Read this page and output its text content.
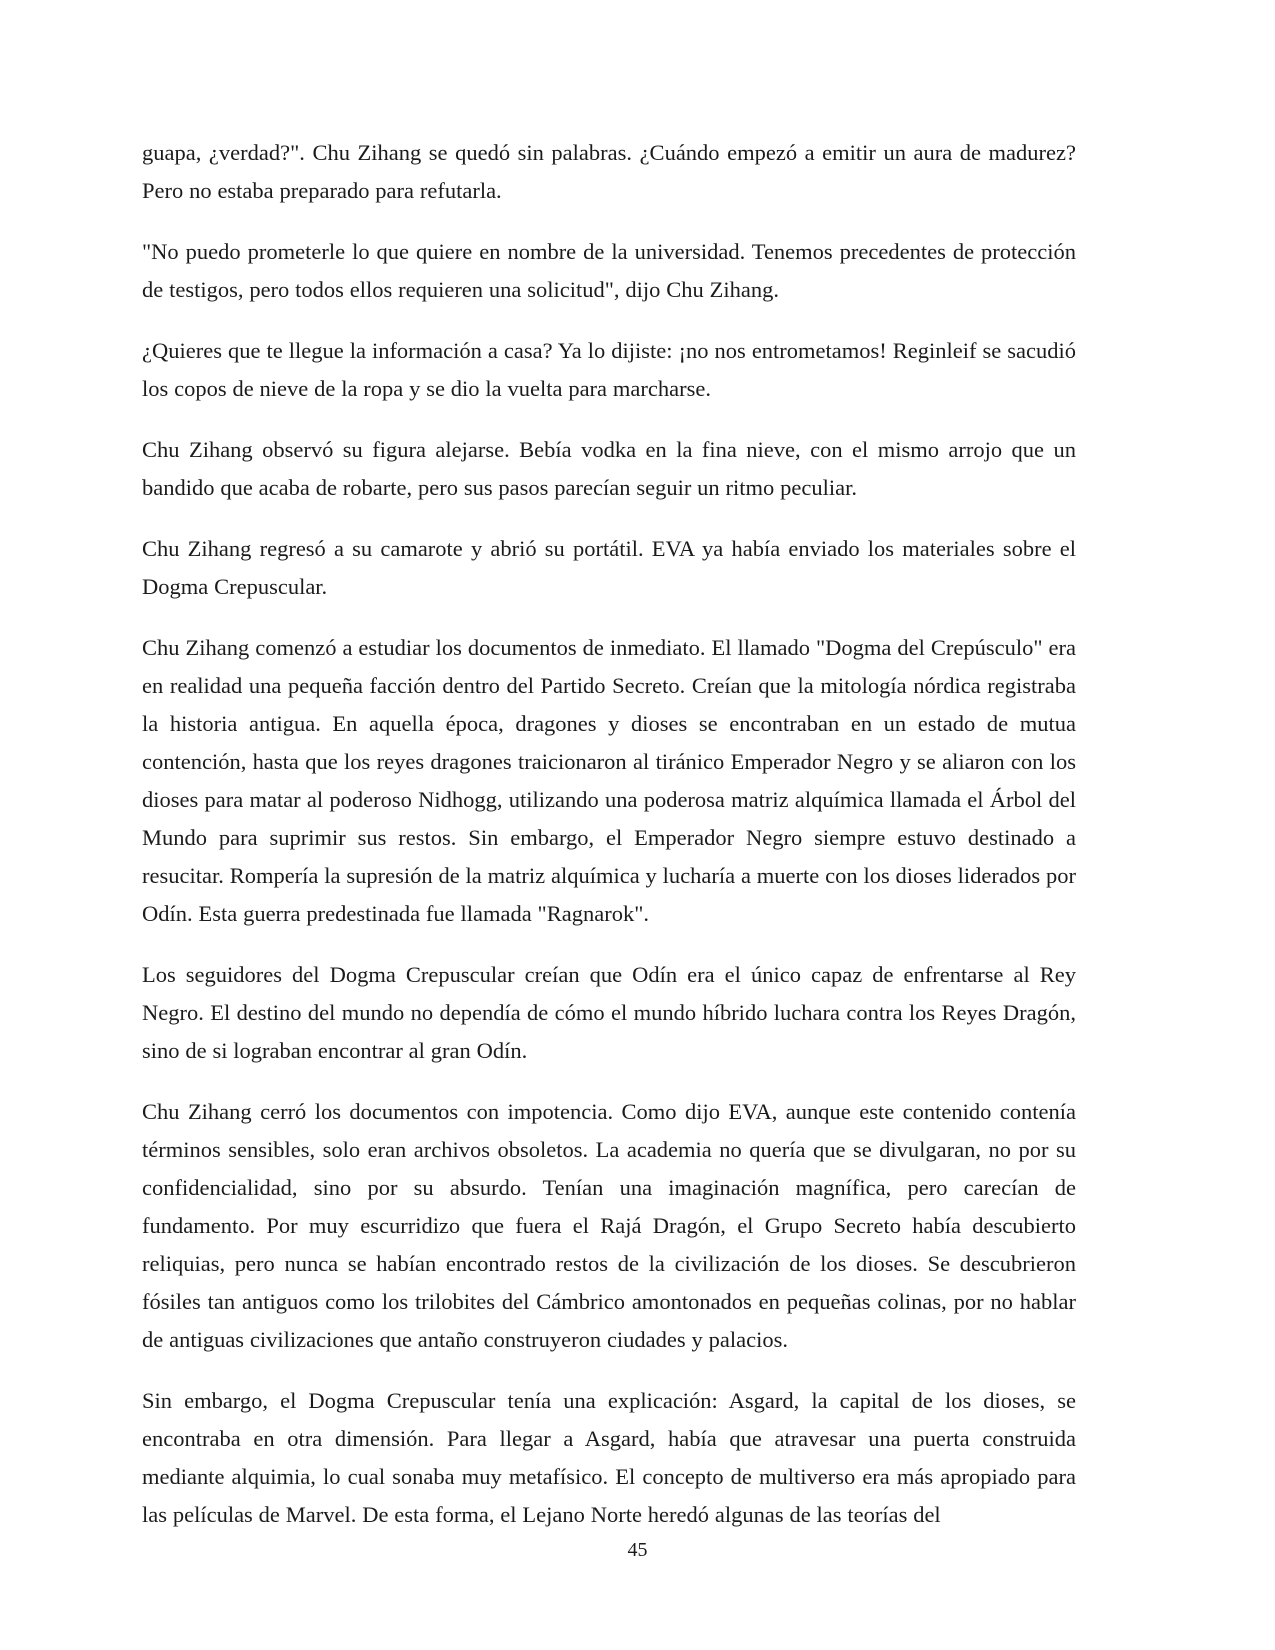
guapa, ¿verdad?". Chu Zihang se quedó sin palabras. ¿Cuándo empezó a emitir un aura de madurez? Pero no estaba preparado para refutarla.

"No puedo prometerle lo que quiere en nombre de la universidad. Tenemos precedentes de protección de testigos, pero todos ellos requieren una solicitud", dijo Chu Zihang.

¿Quieres que te llegue la información a casa? Ya lo dijiste: ¡no nos entrometamos! Reginleif se sacudió los copos de nieve de la ropa y se dio la vuelta para marcharse.

Chu Zihang observó su figura alejarse. Bebía vodka en la fina nieve, con el mismo arrojo que un bandido que acaba de robarte, pero sus pasos parecían seguir un ritmo peculiar.

Chu Zihang regresó a su camarote y abrió su portátil. EVA ya había enviado los materiales sobre el Dogma Crepuscular.

Chu Zihang comenzó a estudiar los documentos de inmediato. El llamado "Dogma del Crepúsculo" era en realidad una pequeña facción dentro del Partido Secreto. Creían que la mitología nórdica registraba la historia antigua. En aquella época, dragones y dioses se encontraban en un estado de mutua contención, hasta que los reyes dragones traicionaron al tiránico Emperador Negro y se aliaron con los dioses para matar al poderoso Nidhogg, utilizando una poderosa matriz alquímica llamada el Árbol del Mundo para suprimir sus restos. Sin embargo, el Emperador Negro siempre estuvo destinado a resucitar. Rompería la supresión de la matriz alquímica y lucharía a muerte con los dioses liderados por Odín. Esta guerra predestinada fue llamada "Ragnarok".

Los seguidores del Dogma Crepuscular creían que Odín era el único capaz de enfrentarse al Rey Negro. El destino del mundo no dependía de cómo el mundo híbrido luchara contra los Reyes Dragón, sino de si lograban encontrar al gran Odín.

Chu Zihang cerró los documentos con impotencia. Como dijo EVA, aunque este contenido contenía términos sensibles, solo eran archivos obsoletos. La academia no quería que se divulgaran, no por su confidencialidad, sino por su absurdo. Tenían una imaginación magnífica, pero carecían de fundamento. Por muy escurridizo que fuera el Rajá Dragón, el Grupo Secreto había descubierto reliquias, pero nunca se habían encontrado restos de la civilización de los dioses. Se descubrieron fósiles tan antiguos como los trilobites del Cámbrico amontonados en pequeñas colinas, por no hablar de antiguas civilizaciones que antaño construyeron ciudades y palacios.

Sin embargo, el Dogma Crepuscular tenía una explicación: Asgard, la capital de los dioses, se encontraba en otra dimensión. Para llegar a Asgard, había que atravesar una puerta construida mediante alquimia, lo cual sonaba muy metafísico. El concepto de multiverso era más apropiado para las películas de Marvel. De esta forma, el Lejano Norte heredó algunas de las teorías del

45
